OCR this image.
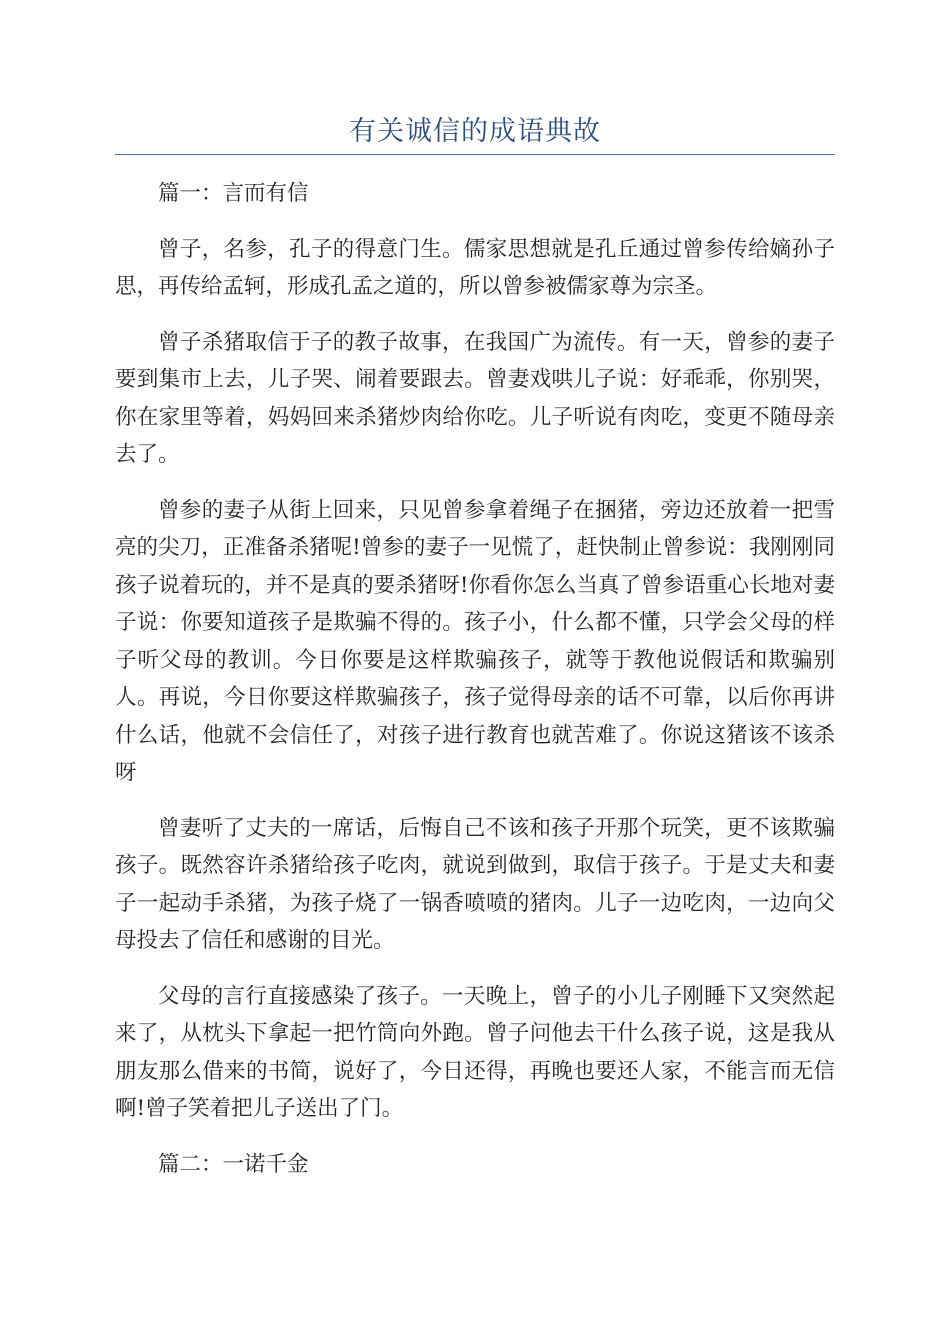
有关诚信的成语典故

篇一：言而有信

曾子，名参，孔子的得意门生。儒家思想就是孔丘通过曾参传给嫡孙子思，再传给孟轲，形成孔孟之道的，所以曾参被儒家尊为宗圣。

曾子杀猪取信于子的教子故事，在我国广为流传。有一天，曾参的妻子要到集市上去，儿子哭、闹着要跟去。曾妻戏哄儿子说：好乖乖，你别哭，你在家里等着，妈妈回来杀猪炒肉给你吃。儿子听说有肉吃，变更不随母亲去了。

曾参的妻子从街上回来，只见曾参拿着绳子在捆猪，旁边还放着一把雪亮的尖刀，正准备杀猪呢!曾参的妻子一见慌了，赶快制止曾参说：我刚刚同孩子说着玩的，并不是真的要杀猪呀!你看你怎么当真了曾参语重心长地对妻子说：你要知道孩子是欺骗不得的。孩子小，什么都不懂，只学会父母的样子听父母的教训。今日你要是这样欺骗孩子，就等于教他说假话和欺骗别人。再说，今日你要这样欺骗孩子，孩子觉得母亲的话不可靠，以后你再讲什么话，他就不会信任了，对孩子进行教育也就苦难了。你说这猪该不该杀呀

曾妻听了丈夫的一席话，后悔自己不该和孩子开那个玩笑，更不该欺骗孩子。既然容许杀猪给孩子吃肉，就说到做到，取信于孩子。于是丈夫和妻子一起动手杀猪，为孩子烧了一锅香喷喷的猪肉。儿子一边吃肉，一边向父母投去了信任和感谢的目光。

父母的言行直接感染了孩子。一天晚上，曾子的小儿子刚睡下又突然起来了，从枕头下拿起一把竹筒向外跑。曾子问他去干什么孩子说，这是我从朋友那么借来的书简，说好了，今日还得，再晚也要还人家，不能言而无信啊!曾子笑着把儿子送出了门。

篇二：一诺千金
